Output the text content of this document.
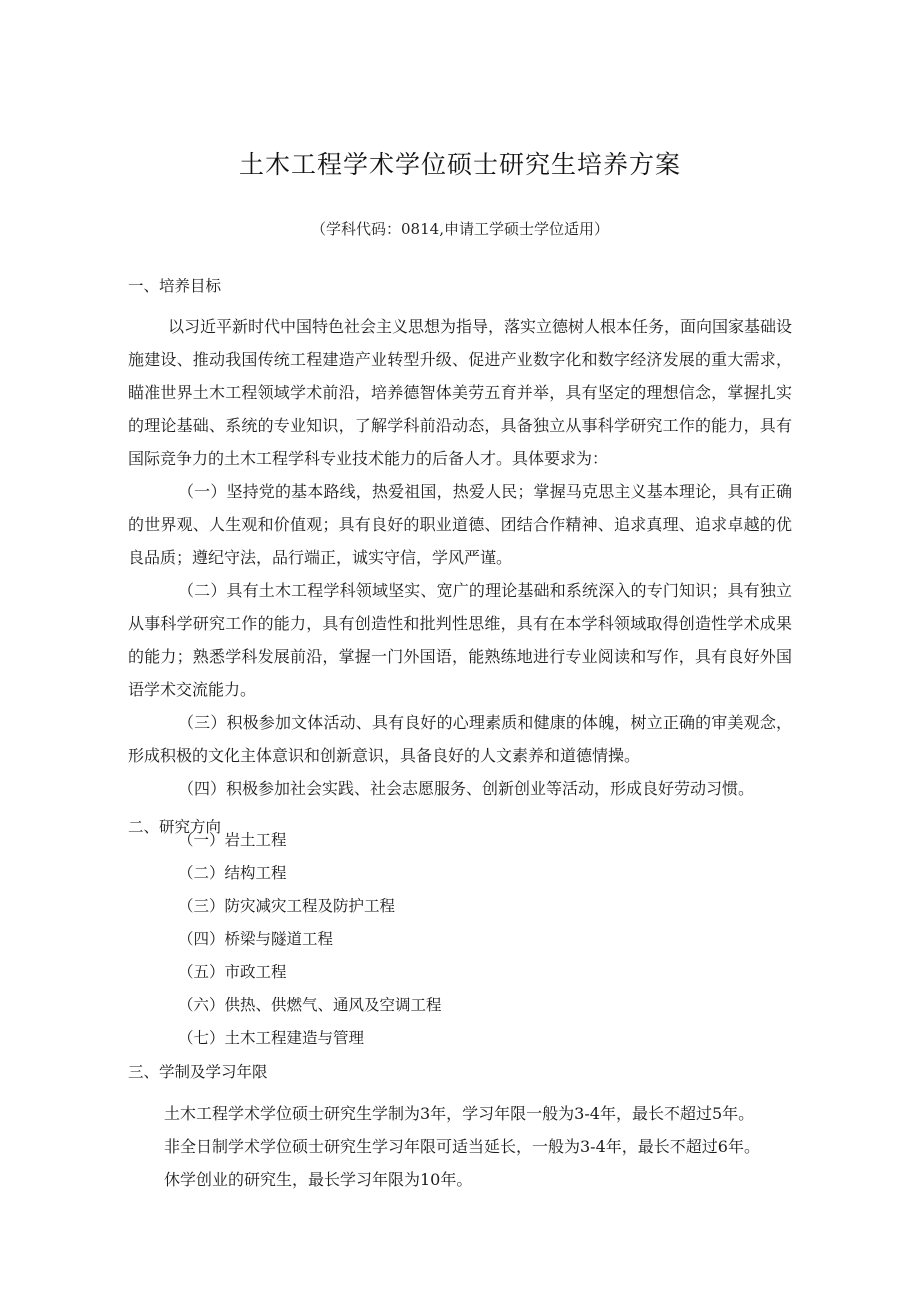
土木工程学术学位硕士研究生培养方案

（学科代码：0814,申请工学硕士学位适用）

一、培养目标

以习近平新时代中国特色社会主义思想为指导，落实立德树人根本任务，面向国家基础设施建设、推动我国传统工程建造产业转型升级、促进产业数字化和数字经济发展的重大需求，瞄准世界土木工程领域学术前沿，培养德智体美劳五育并举，具有坚定的理想信念，掌握扎实的理论基础、系统的专业知识，了解学科前沿动态，具备独立从事科学研究工作的能力，具有国际竞争力的土木工程学科专业技术能力的后备人才。具体要求为：

（一）坚持党的基本路线，热爱祖国，热爱人民；掌握马克思主义基本理论，具有正确的世界观、人生观和价值观；具有良好的职业道德、团结合作精神、追求真理、追求卓越的优良品质；遵纪守法，品行端正，诚实守信，学风严谨。

（二）具有土木工程学科领域坚实、宽广的理论基础和系统深入的专门知识；具有独立从事科学研究工作的能力，具有创造性和批判性思维，具有在本学科领域取得创造性学术成果的能力；熟悉学科发展前沿，掌握一门外国语，能熟练地进行专业阅读和写作，具有良好外国语学术交流能力。

（三）积极参加文体活动、具有良好的心理素质和健康的体魄，树立正确的审美观念，形成积极的文化主体意识和创新意识，具备良好的人文素养和道德情操。

（四）积极参加社会实践、社会志愿服务、创新创业等活动，形成良好劳动习惯。

二、研究方向
（一）岩土工程
（二）结构工程
（三）防灾减灾工程及防护工程
（四）桥梁与隧道工程
（五）市政工程
（六）供热、供燃气、通风及空调工程
（七）土木工程建造与管理
三、学制及学习年限
土木工程学术学位硕士研究生学制为3年，学习年限一般为3-4年，最长不超过5年。
非全日制学术学位硕士研究生学习年限可适当延长，一般为3-4年，最长不超过6年。
休学创业的研究生，最长学习年限为10年。
